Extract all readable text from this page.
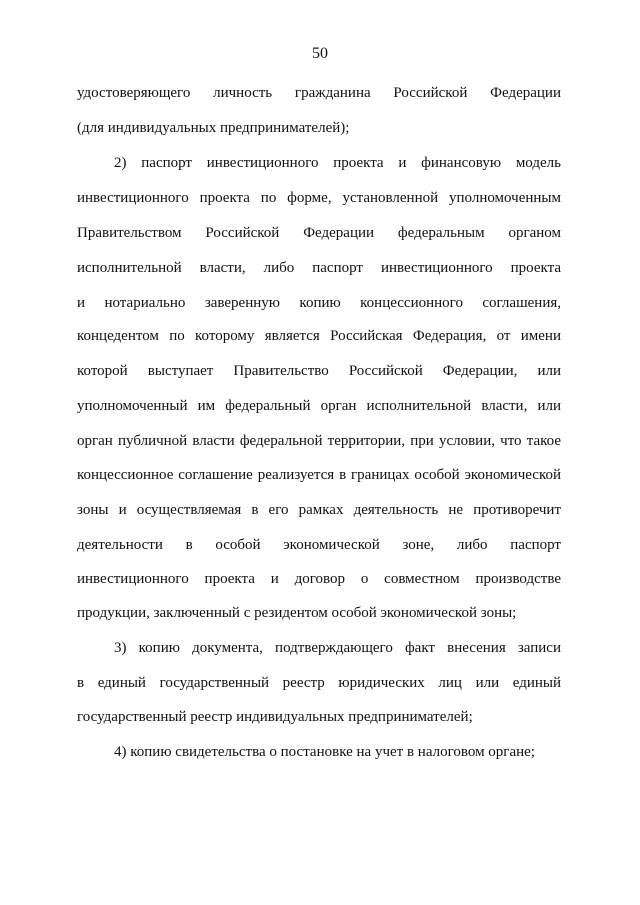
50
удостоверяющего личность гражданина Российской Федерации
(для индивидуальных предпринимателей);
2) паспорт инвестиционного проекта и финансовую модель
инвестиционного проекта по форме, установленной уполномоченным
Правительством Российской Федерации федеральным органом
исполнительной власти, либо паспорт инвестиционного проекта
и нотариально заверенную копию концессионного соглашения,
концедентом по которому является Российская Федерация, от имени
которой выступает Правительство Российской Федерации, или
уполномоченный им федеральный орган исполнительной власти, или
орган публичной власти федеральной территории, при условии, что такое
концессионное соглашение реализуется в границах особой экономической
зоны и осуществляемая в его рамках деятельность не противоречит
деятельности в особой экономической зоне, либо паспорт
инвестиционного проекта и договор о совместном производстве
продукции, заключенный с резидентом особой экономической зоны;
3) копию документа, подтверждающего факт внесения записи
в единый государственный реестр юридических лиц или единый
государственный реестр индивидуальных предпринимателей;
4) копию свидетельства о постановке на учет в налоговом органе;
